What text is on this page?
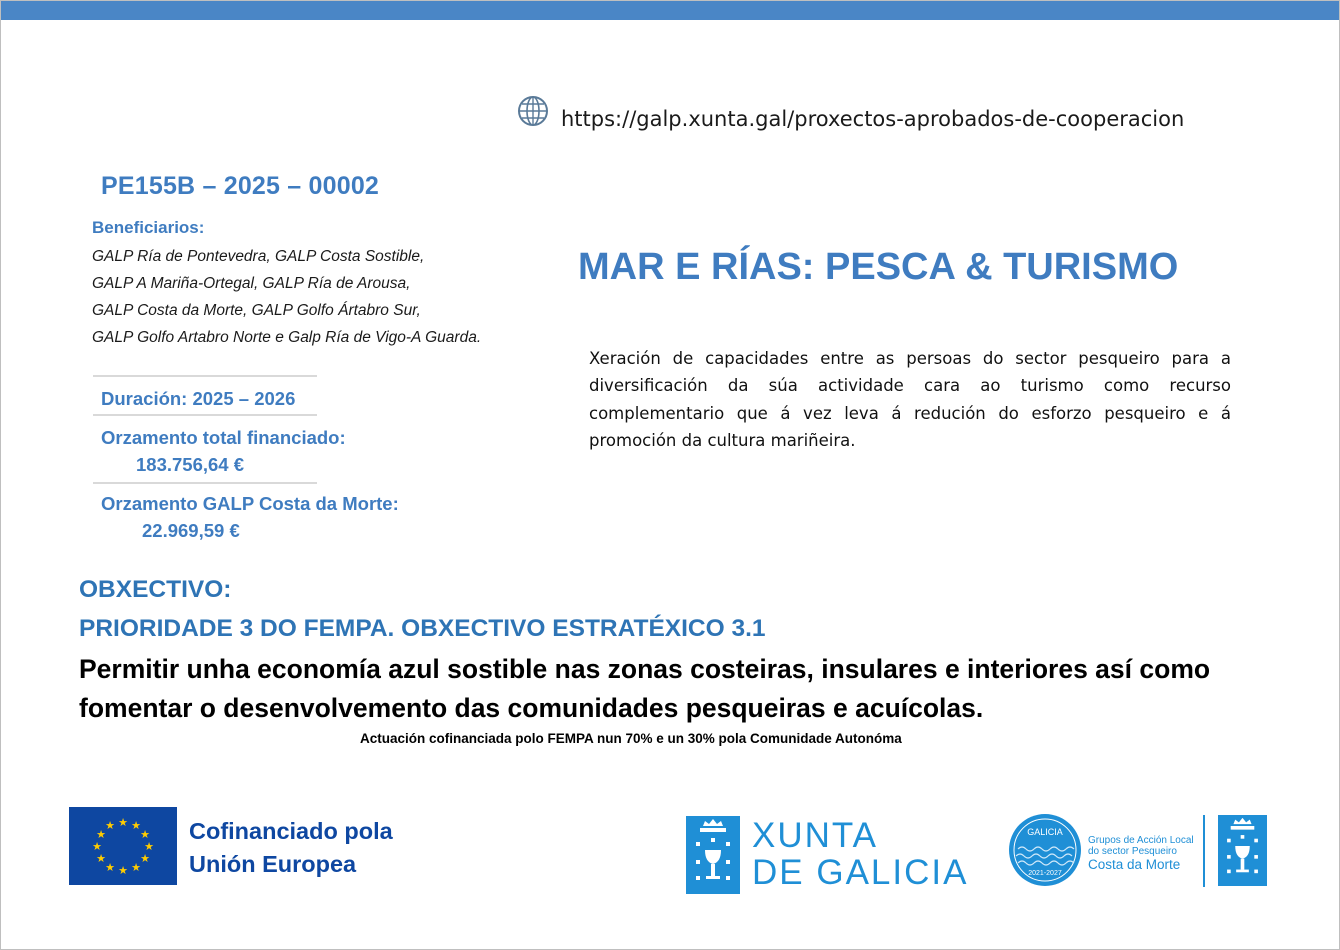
https://galp.xunta.gal/proxectos-aprobados-de-cooperacion
PE155B – 2025 – 00002
Beneficiarios:
GALP Ría de Pontevedra, GALP Costa Sostible,
GALP A Mariña-Ortegal, GALP Ría de Arousa,
GALP Costa da Morte, GALP Golfo Ártabro Sur,
GALP Golfo Artabro Norte e Galp Ría de Vigo-A Guarda.
Duración: 2025 – 2026
Orzamento total financiado:
183.756,64 €
Orzamento GALP Costa da Morte:
22.969,59 €
MAR E RÍAS: PESCA & TURISMO
Xeración de capacidades entre as persoas do sector pesqueiro para a diversificación da súa actividade cara ao turismo como recurso complementario que á vez leva á redución do esforzo pesqueiro e á promoción da cultura mariñeira.
OBXECTIVO:
PRIORIDADE 3 DO FEMPA. OBXECTIVO ESTRATÉXICO 3.1
Permitir unha economía azul sostible nas zonas costeiras, insulares e interiores así como fomentar o desenvolvemento das comunidades pesqueiras e acuícolas.
Actuación cofinanciada polo FEMPA nun 70% e un 30% pola Comunidade Autonóma
★ ★
★
★
★
★
★
★
★
★
★
★	Cofinanciado pola
Unión Europea
XUNTA
DE GALICIA
GALICIA
2021-2027
Grupos de Acción Local
do sector Pesqueiro
Costa da Morte
